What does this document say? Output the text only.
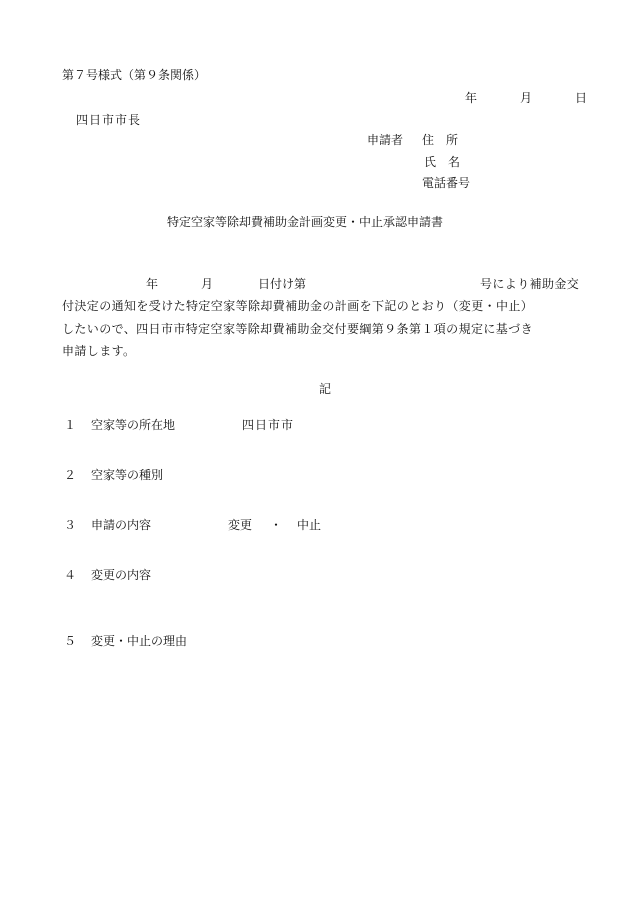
第７号様式（第９条関係）
年	月	日
四日市市長
申請者 住　所
氏　名
電話番号
特定空家等除却費補助金計画変更・中止承認申請書
年	月	日付け第	号により補助金交
付決定の通知を受けた特定空家等除却費補助金の計画を下記のとおり（変更・中止）
したいので、四日市市特定空家等除却費補助金交付要綱第９条第１項の規定に基づき
申請します。
記
１ 空家等の所在地	四日市市
２ 空家等の種別
３ 申請の内容	変更 ・ 中止
４ 変更の内容
５ 変更・中止の理由
